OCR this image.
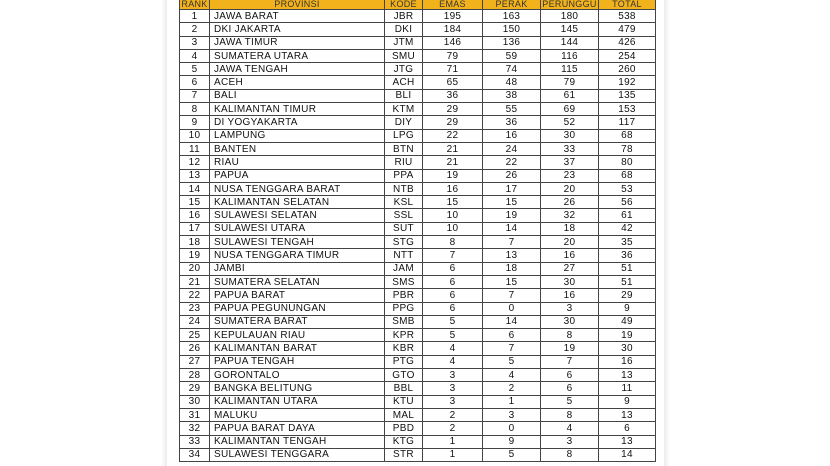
RANK	PROVINSI	KODE	EMAS	PERAK	PERUNGGU	TOTAL
1	JAWA BARAT	JBR	195	163	180	538
2	DKI JAKARTA	DKI	184	150	145	479
3	JAWA TIMUR	JTM	146	136	144	426
4	SUMATERA UTARA	SMU	79	59	116	254
5	JAWA TENGAH	JTG	71	74	115	260
6	ACEH	ACH	65	48	79	192
7	BALI	BLI	36	38	61	135
8	KALIMANTAN TIMUR	KTM	29	55	69	153
9	DI YOGYAKARTA	DIY	29	36	52	117
10	LAMPUNG	LPG	22	16	30	68
11	BANTEN	BTN	21	24	33	78
12	RIAU	RIU	21	22	37	80
13	PAPUA	PPA	19	26	23	68
14	NUSA TENGGARA BARAT	NTB	16	17	20	53
15	KALIMANTAN SELATAN	KSL	15	15	26	56
16	SULAWESI SELATAN	SSL	10	19	32	61
17	SULAWESI UTARA	SUT	10	14	18	42
18	SULAWESI TENGAH	STG	8	7	20	35
19	NUSA TENGGARA TIMUR	NTT	7	13	16	36
20	JAMBI	JAM	6	18	27	51
21	SUMATERA SELATAN	SMS	6	15	30	51
22	PAPUA BARAT	PBR	6	7	16	29
23	PAPUA PEGUNUNGAN	PPG	6	0	3	9
24	SUMATERA BARAT	SMB	5	14	30	49
25	KEPULAUAN RIAU	KPR	5	6	8	19
26	KALIMANTAN BARAT	KBR	4	7	19	30
27	PAPUA TENGAH	PTG	4	5	7	16
28	GORONTALO	GTO	3	4	6	13
29	BANGKA BELITUNG	BBL	3	2	6	11
30	KALIMANTAN UTARA	KTU	3	1	5	9
31	MALUKU	MAL	2	3	8	13
32	PAPUA BARAT DAYA	PBD	2	0	4	6
33	KALIMANTAN TENGAH	KTG	1	9	3	13
34	SULAWESI TENGGARA	STR	1	5	8	14
